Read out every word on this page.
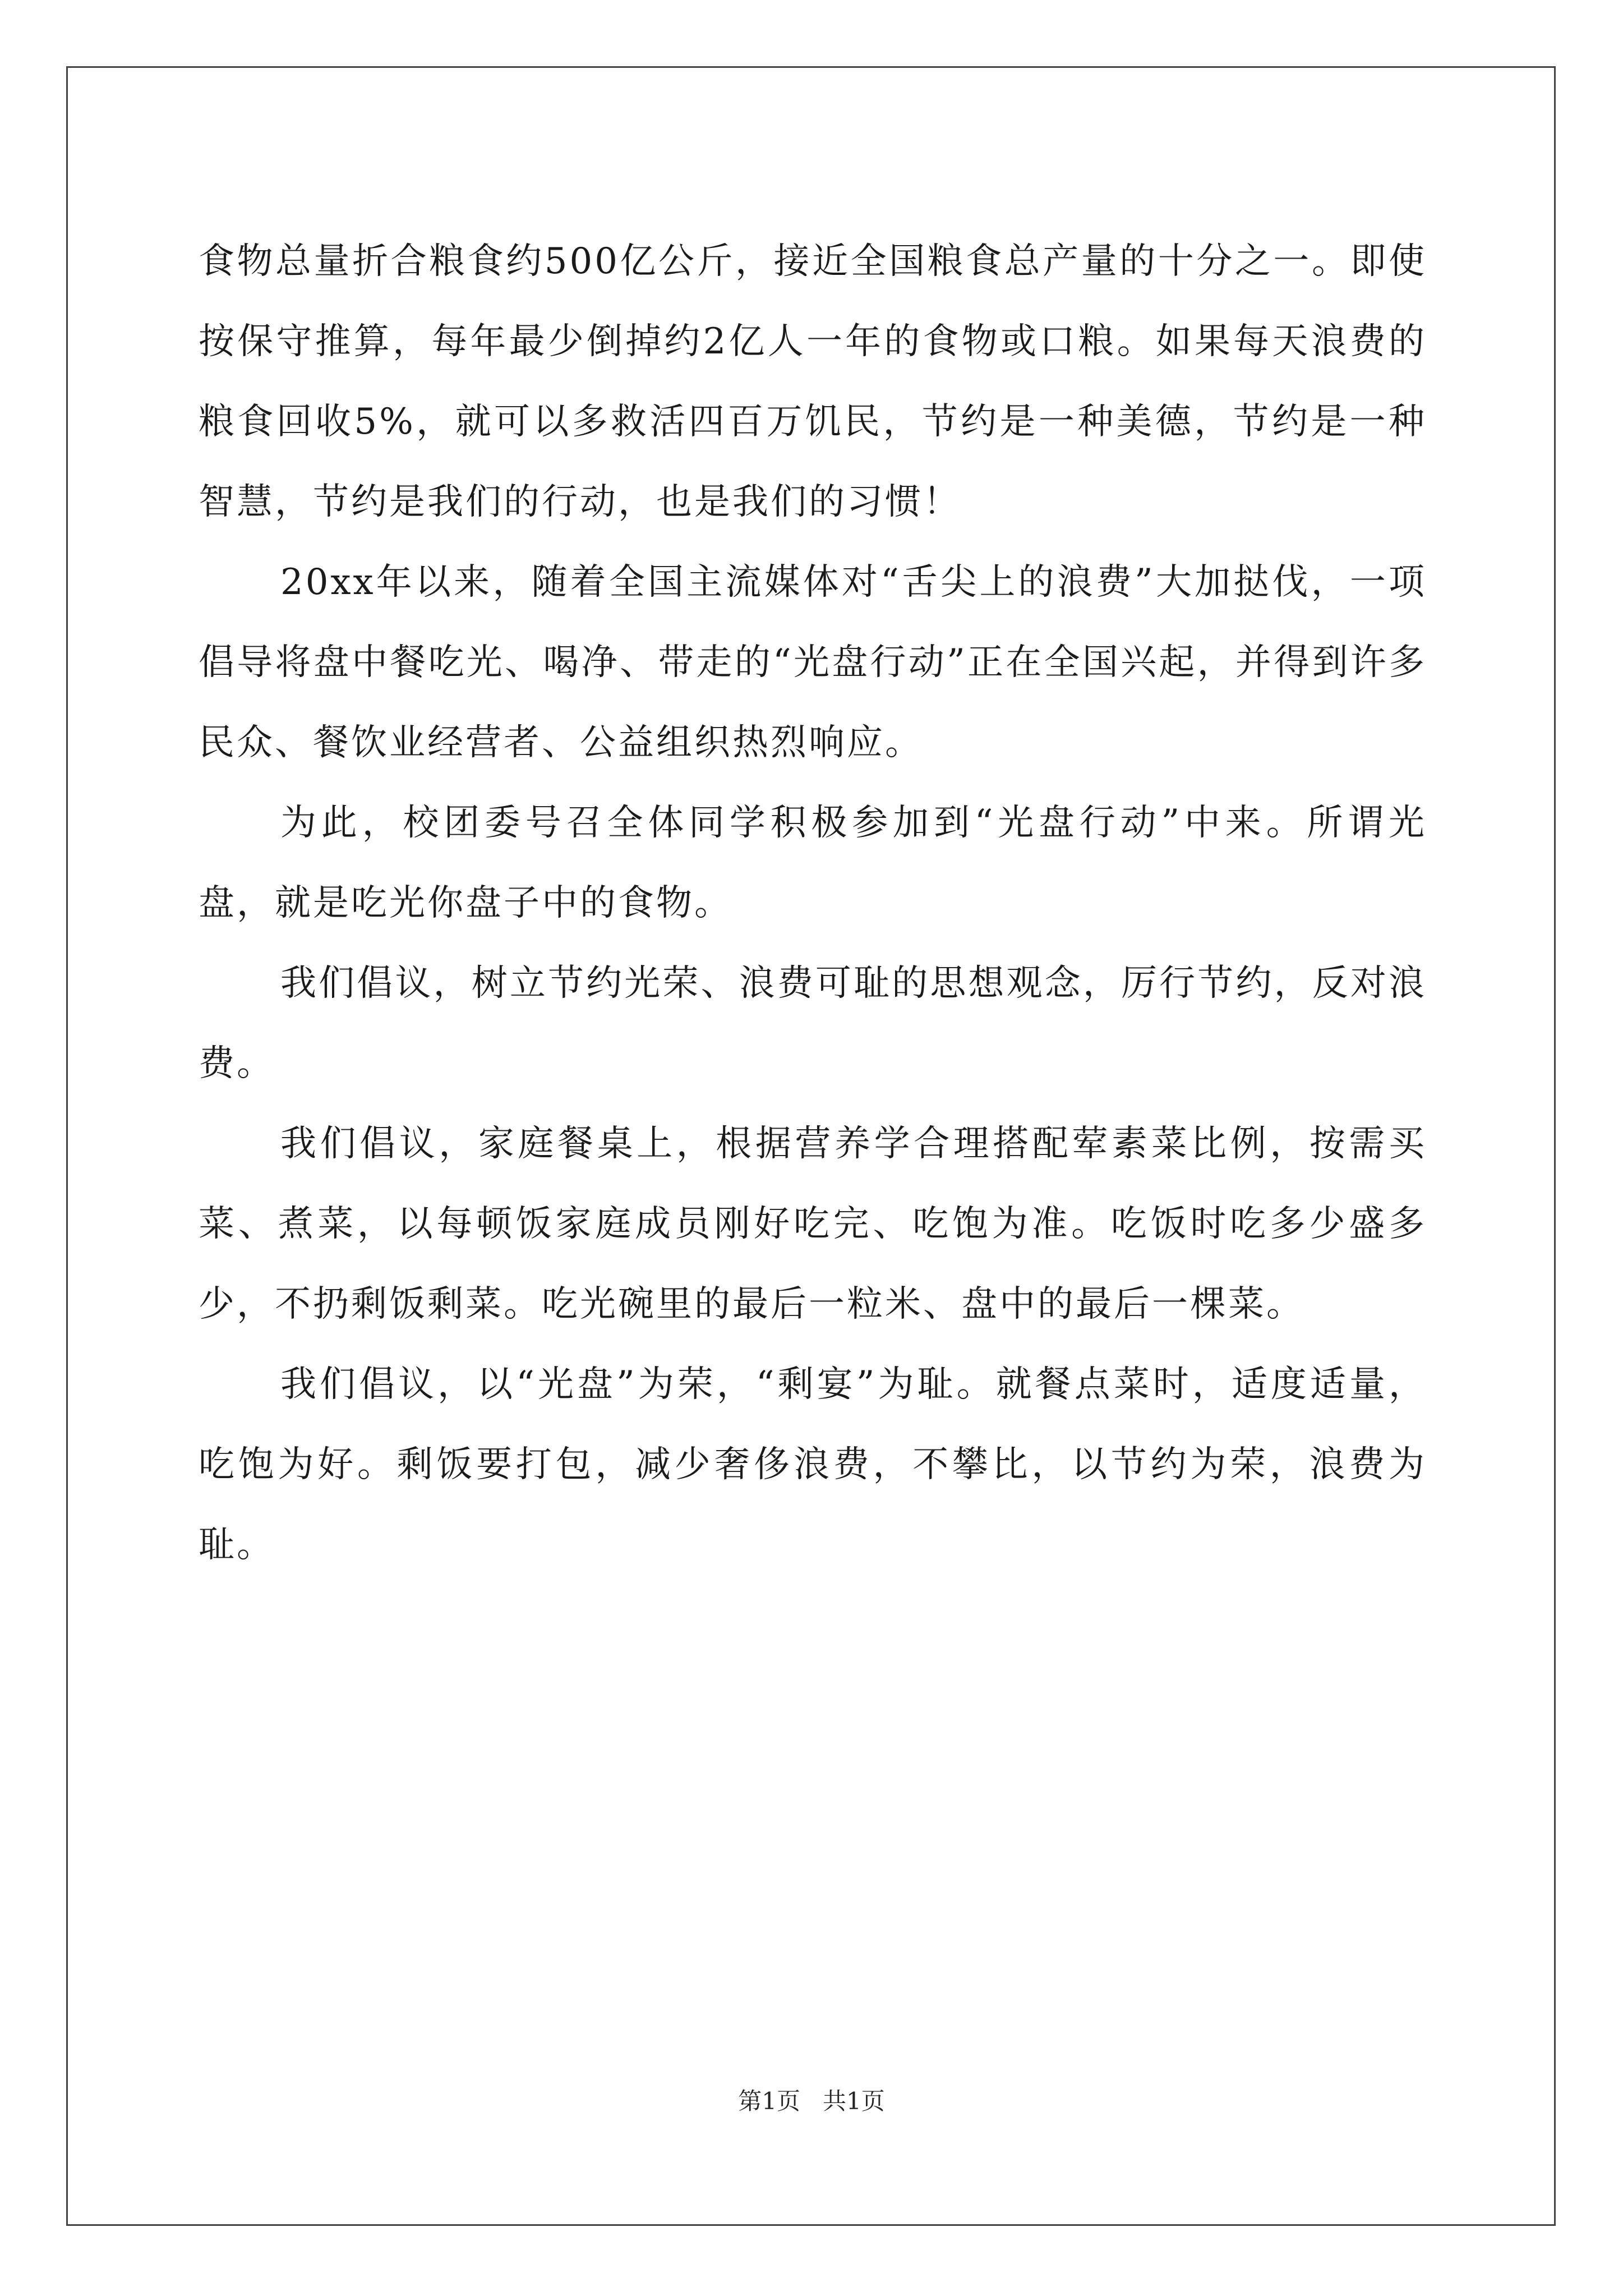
食物总量折合粮食约500亿公斤，接近全国粮食总产量的十分之一。即使按保守推算，每年最少倒掉约2亿人一年的食物或口粮。如果每天浪费的粮食回收5%，就可以多救活四百万饥民，节约是一种美德，节约是一种智慧，节约是我们的行动，也是我们的习惯！

20xx年以来，随着全国主流媒体对“舌尖上的浪费”大加挞伐，一项倡导将盘中餐吃光、喝净、带走的“光盘行动”正在全国兴起，并得到许多民众、餐饮业经营者、公益组织热烈响应。

为此，校团委号召全体同学积极参加到“光盘行动”中来。所谓光盘，就是吃光你盘子中的食物。

我们倡议，树立节约光荣、浪费可耻的思想观念，厉行节约，反对浪费。

我们倡议，家庭餐桌上，根据营养学合理搭配荤素菜比例，按需买菜、煮菜，以每顿饭家庭成员刚好吃完、吃饱为准。吃饭时吃多少盛多少，不扔剩饭剩菜。吃光碗里的最后一粒米、盘中的最后一棵菜。

我们倡议，以“光盘”为荣，“剩宴”为耻。就餐点菜时，适度适量，吃饱为好。剩饭要打包，减少奢侈浪费，不攀比，以节约为荣，浪费为耻。

第1页 共1页
